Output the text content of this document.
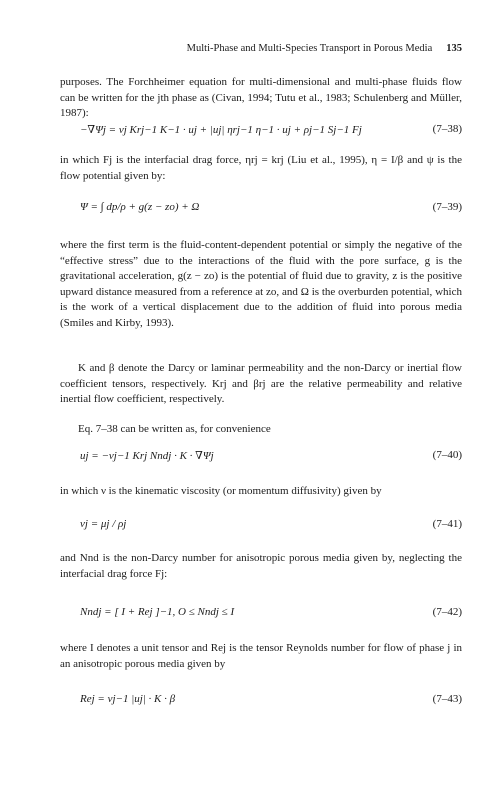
Multi-Phase and Multi-Species Transport in Porous Media 135

purposes. The Forchheimer equation for multi-dimensional and multi-phase fluids flow can be written for the jth phase as (Civan, 1994; Tutu et al., 1983; Schulenberg and Müller, 1987):

−∇Ψj = νj Krj−1 K−1 · uj + |uj| ηrj−1 η−1 · uj + ρj−1 Sj−1 Fj	(7–38)

in which Fj is the interfacial drag force, ηrj = krj (Liu et al., 1995), η = I/β and ψ is the flow potential given by:

Ψ = ∫ dp/ρ + g(z − zo) + Ω	(7–39)

where the first term is the fluid-content-dependent potential or simply the negative of the “effective stress” due to the interactions of the fluid with the pore surface, g is the gravitational acceleration, g(z − zo) is the potential of fluid due to gravity, z is the positive upward distance measured from a reference at zo, and Ω is the overburden potential, which is the work of a vertical displacement due to the addition of fluid into porous media (Smiles and Kirby, 1993).

K and β denote the Darcy or laminar permeability and the non-Darcy or inertial flow coefficient tensors, respectively. Krj and βrj are the relative permeability and relative inertial flow coefficient, respectively.

Eq. 7–38 can be written as, for convenience

uj = −νj−1 Krj Nndj · K · ∇Ψj	(7–40)

in which ν is the kinematic viscosity (or momentum diffusivity) given by

νj = μj / ρj	(7–41)

and Nnd is the non-Darcy number for anisotropic porous media given by, neglecting the interfacial drag force Fj:

Nndj = [ I + Rej ]−1, O ≤ Nndj ≤ I	(7–42)

where I denotes a unit tensor and Rej is the tensor Reynolds number for flow of phase j in an anisotropic porous media given by

Rej = νj−1 |uj| · K · β	(7–43)
